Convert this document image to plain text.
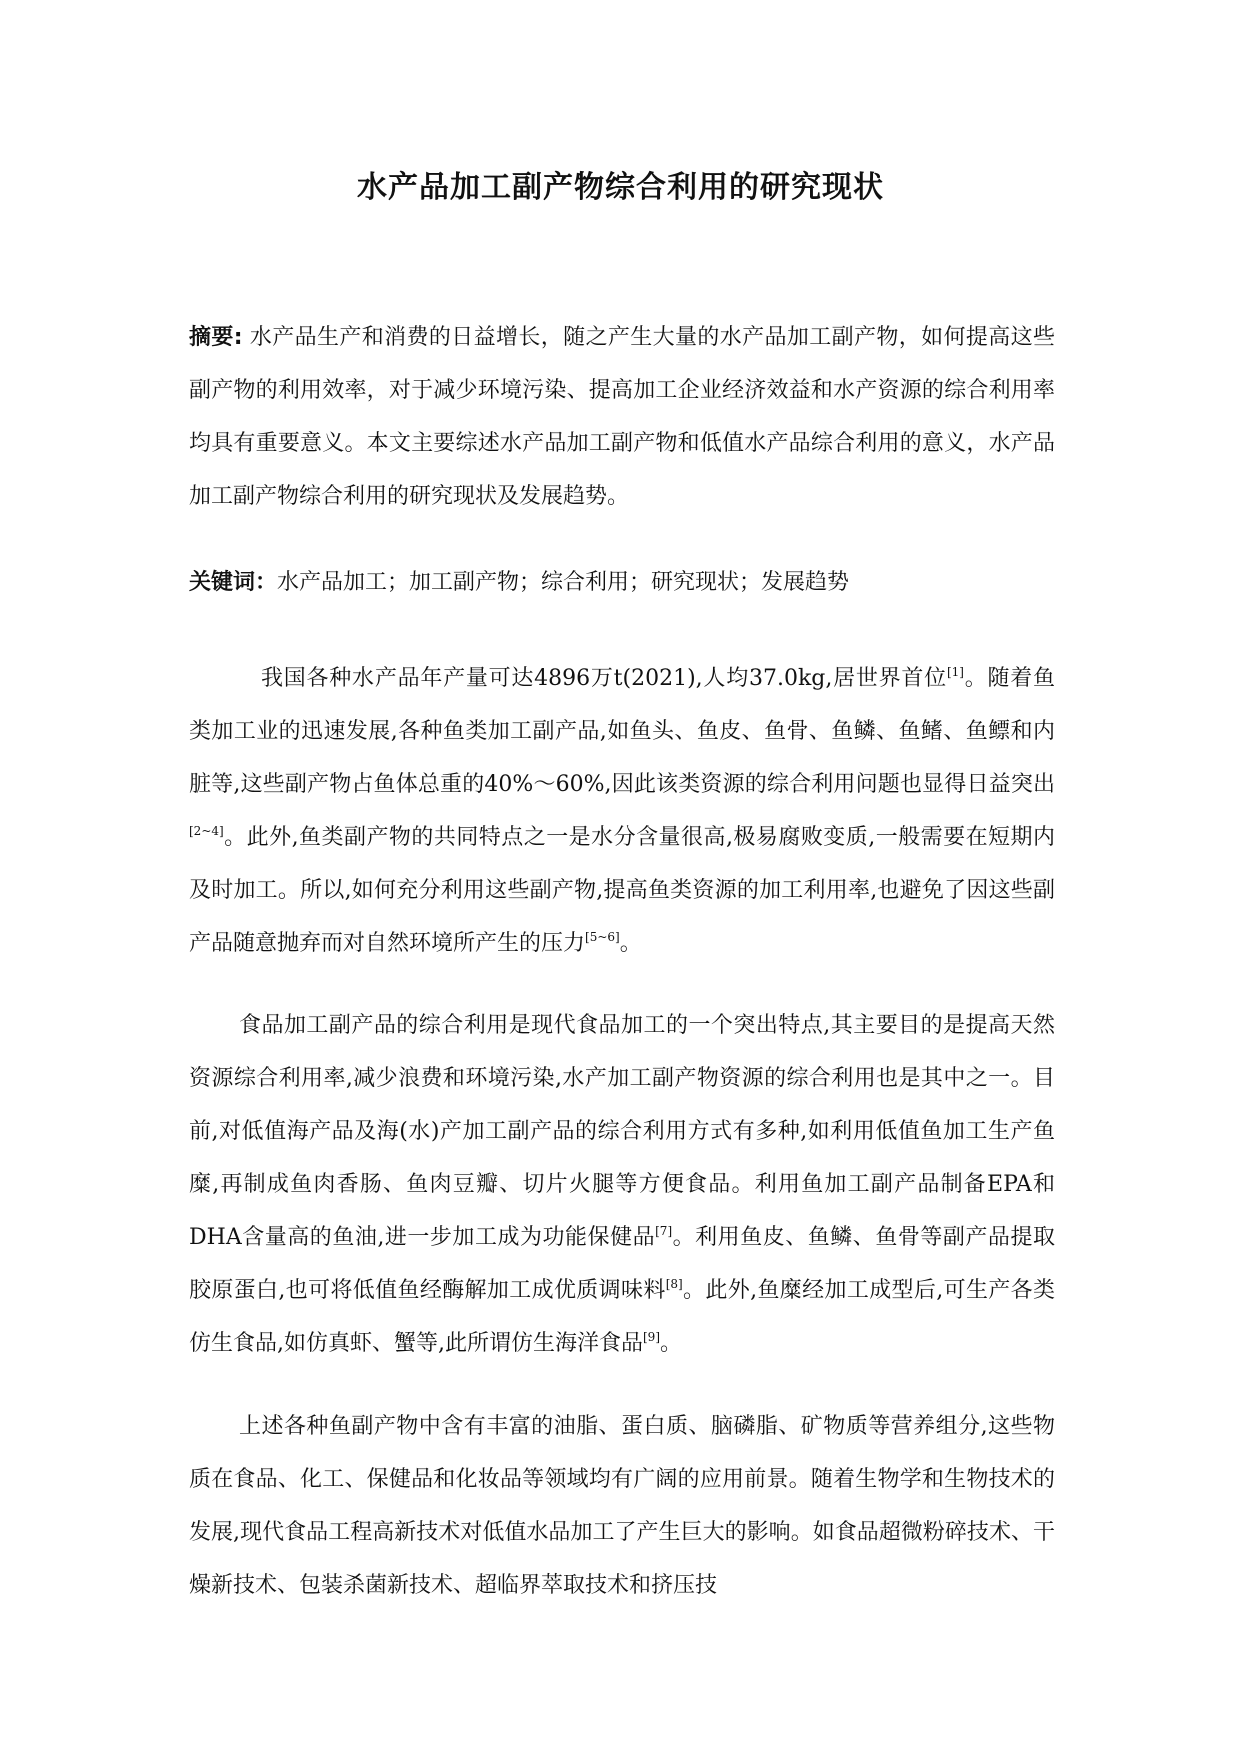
水产品加工副产物综合利用的研究现状

摘要: 水产品生产和消费的日益增长，随之产生大量的水产品加工副产物，如何提高这些副产物的利用效率，对于减少环境污染、提高加工企业经济效益和水产资源的综合利用率均具有重要意义。本文主要综述水产品加工副产物和低值水产品综合利用的意义，水产品加工副产物综合利用的研究现状及发展趋势。

关键词：水产品加工；加工副产物；综合利用；研究现状；发展趋势

我国各种水产品年产量可达4896万t(2021),人均37.0kg,居世界首位[1]。随着鱼类加工业的迅速发展,各种鱼类加工副产品,如鱼头、鱼皮、鱼骨、鱼鳞、鱼鳍、鱼鳔和内脏等,这些副产物占鱼体总重的40%～60%,因此该类资源的综合利用问题也显得日益突出[2~4]。此外,鱼类副产物的共同特点之一是水分含量很高,极易腐败变质,一般需要在短期内及时加工。所以,如何充分利用这些副产物,提高鱼类资源的加工利用率,也避免了因这些副产品随意抛弃而对自然环境所产生的压力[5~6]。

食品加工副产品的综合利用是现代食品加工的一个突出特点,其主要目的是提高天然资源综合利用率,减少浪费和环境污染,水产加工副产物资源的综合利用也是其中之一。目前,对低值海产品及海(水)产加工副产品的综合利用方式有多种,如利用低值鱼加工生产鱼糜,再制成鱼肉香肠、鱼肉豆瓣、切片火腿等方便食品。利用鱼加工副产品制备EPA和DHA含量高的鱼油,进一步加工成为功能保健品[7]。利用鱼皮、鱼鳞、鱼骨等副产品提取胶原蛋白,也可将低值鱼经酶解加工成优质调味料[8]。此外,鱼糜经加工成型后,可生产各类仿生食品,如仿真虾、蟹等,此所谓仿生海洋食品[9]。

上述各种鱼副产物中含有丰富的油脂、蛋白质、脑磷脂、矿物质等营养组分,这些物质在食品、化工、保健品和化妆品等领域均有广阔的应用前景。随着生物学和生物技术的发展,现代食品工程高新技术对低值水品加工了产生巨大的影响。如食品超微粉碎技术、干燥新技术、包装杀菌新技术、超临界萃取技术和挤压技
